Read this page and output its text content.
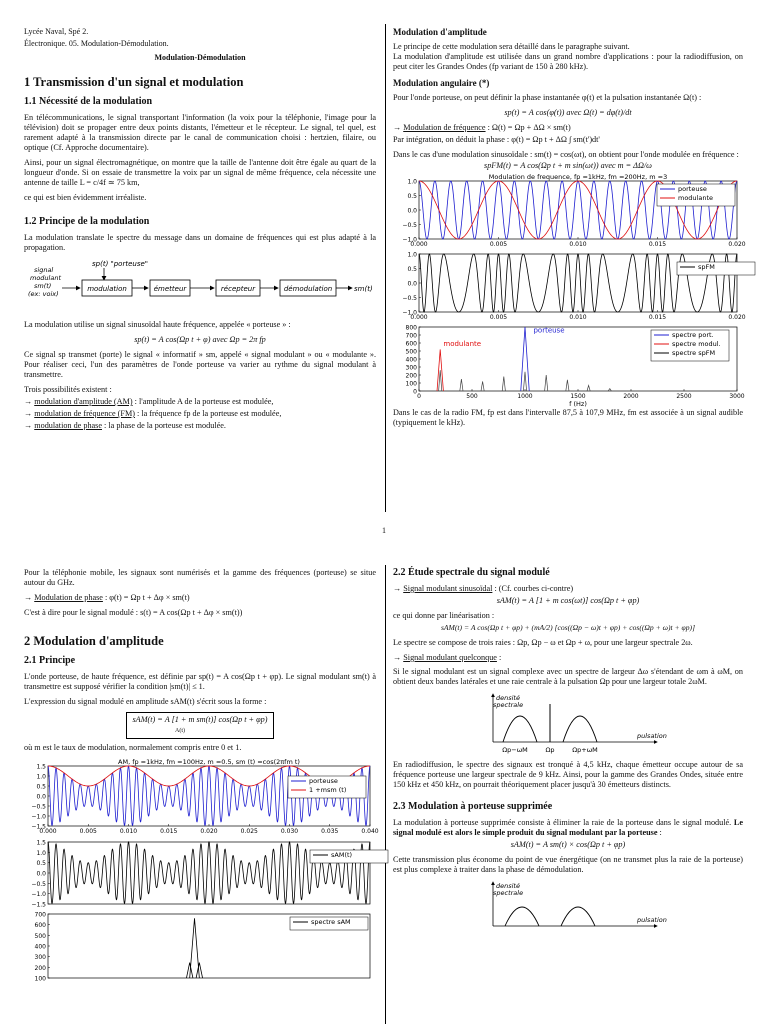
Lycée Naval, Spé 2.
Électronique. 05. Modulation-Démodulation.
Modulation-Démodulation
1 Transmission d'un signal et modulation
1.1 Nécessité de la modulation

En télécommunications, le signal transportant l'information (la voix pour la téléphonie, l'image pour la télévision) doit se propager entre deux points distants, l'émetteur et le récepteur. Le signal, tel quel, est rarement adapté à la transmission directe par le canal de communication choisi : hertzien, filaire, ou optique (Cf. Approche documentaire).

Ainsi, pour un signal électromagnétique, on montre que la taille de l'antenne doit être égale au quart de la longueur d'onde. Si on essaie de transmettre la voix par un signal de même fréquence, cela nécessite une antenne de taille L = c/4f ≃ 75 km,

ce qui est bien évidemment irréaliste.

1.2 Principe de la modulation

La modulation translate le spectre du message dans un domaine de fréquences qui est plus adapté à la propagation.

sp(t) "porteuse"
signal
modulant
sm(t)
(ex: voix)
modulation	émetteur	récepteur	démodulation	sm(t)

La modulation utilise un signal sinusoïdal haute fréquence, appelée « porteuse » :

sp(t) = A cos(Ωp t + φ) avec Ωp = 2π fp

Ce signal sp transmet (porte) le signal « informatif » sm, appelé « signal modulant » ou « modulante ». Pour réaliser ceci, l'un des paramètres de l'onde porteuse va varier au rythme du signal modulant à transmettre.

Trois possibilités existent :

→ modulation d'amplitude (AM) : l'amplitude A de la porteuse est modulée,
→ modulation de fréquence (FM) : la fréquence fp de la porteuse est modulée,
→ modulation de phase : la phase de la porteuse est modulée.
Modulation d'amplitude

Le principe de cette modulation sera détaillé dans le paragraphe suivant.

La modulation d'amplitude est utilisée dans un grand nombre d'applications : pour la radiodiffusion, on peut citer les Grandes Ondes (fp variant de 150 à 280 kHz).

Modulation angulaire (*)

Pour l'onde porteuse, on peut définir la phase instantanée φ(t) et la pulsation instantanée Ω(t) :

sp(t) = A cos(φ(t)) avec Ω(t) = dφ(t)/dt
→ Modulation de fréquence : Ω(t) = Ωp + ΔΩ × sm(t)

Par intégration, on déduit la phase : φ(t) = Ωp t + ΔΩ ∫ sm(t')dt'

Dans le cas d'une modulation sinusoïdale : sm(t) = cos(ωt), on obtient pour l'onde modulée en fréquence :

spFM(t) = A cos(Ωp t + m sin(ωt)) avec m = ΔΩ/ω
1.0
0.5
0.0
−0.5
−1.0
0.000	0.005	0.010	0.015	0.020
Modulation de frequence, fp =1kHz, fm =200Hz, m =3
porteuse
modulante
1.0
0.5
0.0
−0.5
−1.0
0.000	0.005	0.010	0.015	0.020
spFM
800
700
600
500
400
300
200
100
0
0	500	1000	1500	2000	2500	3000
modulante
porteuse
f (Hz)
spectre port.
spectre modul.
spectre spFM

Dans le cas de la radio FM, fp est dans l'intervalle 87,5 à 107,9 MHz, fm est associée à un signal audible (typiquement le kHz).

1

Pour la téléphonie mobile, les signaux sont numérisés et la gamme des fréquences (porteuse) se situe autour du GHz.

→ Modulation de phase : φ(t) = Ωp t + Δφ × sm(t)

C'est à dire pour le signal modulé : s(t) = A cos(Ωp t + Δφ × sm(t))

2 Modulation d'amplitude
2.1 Principe

L'onde porteuse, de haute fréquence, est définie par sp(t) = A cos(Ωp t + φp). Le signal modulant sm(t) à transmettre est supposé vérifier la condition |sm(t)| ≤ 1.

L'expression du signal modulé en amplitude sAM(t) s'écrit sous la forme :

sAM(t) = A [1 + m sm(t)] cos(Ωp t + φp)
A(t)

où m est le taux de modulation, normalement compris entre 0 et 1.

1.5
1.0
0.5
0.0
−0.5
−1.0
−1.5
0.000	0.005	0.010	0.015	0.020	0.025	0.030	0.035	0.040
AM, fp =1kHz, fm =100Hz, m =0.5, sm (t) =cos(2πfm t)
porteuse
1 +msm (t)
1.5
1.0
0.5
0.0
−0.5
−1.0
−1.5
sAM(t)
700
600
500
400
300
200
100
spectre sAM
2.2 Étude spectrale du signal modulé
→ Signal modulant sinusoïdal : (Cf. courbes ci-contre)
sAM(t) = A [1 + m cos(ωt)] cos(Ωp t + φp)

ce qui donne par linéarisation :

sAM(t) = A cos(Ωp t + φp) + (mA/2) [cos((Ωp − ω)t + φp) + cos((Ωp + ω)t + φp)]

Le spectre se compose de trois raies : Ωp, Ωp − ω et Ωp + ω, pour une largeur spectrale 2ω.

→ Signal modulant quelconque :

Si le signal modulant est un signal complexe avec un spectre de largeur Δω s'étendant de ωm à ωM, on obtient deux bandes latérales et une raie centrale à la pulsation Ωp pour une largeur totale 2ωM.

densité
spectrale
pulsation
Ωp−ωM	Ωp	Ωp+ωM

En radiodiffusion, le spectre des signaux est tronqué à 4,5 kHz, chaque émetteur occupe autour de sa fréquence porteuse une largeur spectrale de 9 kHz. Ainsi, pour la gamme des Grandes Ondes, située entre 150 kHz et 450 kHz, on pourrait théoriquement placer jusqu'à 30 émetteurs distincts.

2.3 Modulation à porteuse supprimée

La modulation à porteuse supprimée consiste à éliminer la raie de la porteuse dans le signal modulé. Le signal modulé est alors le simple produit du signal modulant par la porteuse :

sAM(t) = A sm(t) × cos(Ωp t + φp)

Cette transmission plus économe du point de vue énergétique (on ne transmet plus la raie de la porteuse) est plus complexe à traiter dans la phase de démodulation.

densité
spectrale
pulsation
